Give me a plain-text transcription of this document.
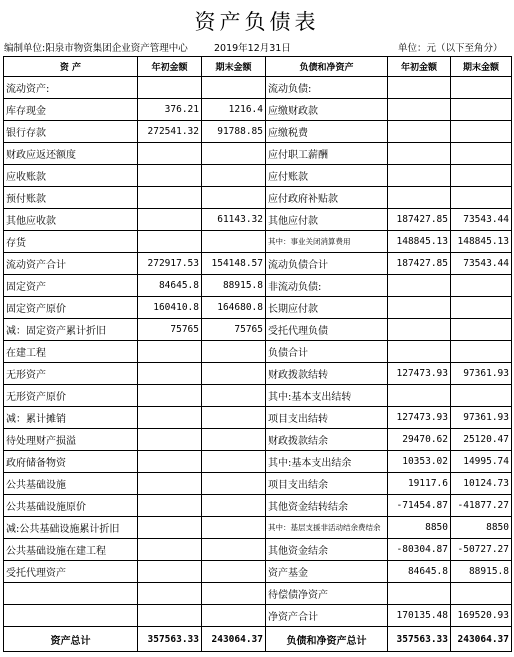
资产负债表
编制单位:阳泉市物资集团企业资产管理中心	2019年12月31日	单位：元（以下至角分）
资 产	年初金额	期末金额	负债和净资产	年初金额	期末金额
流动资产:			流动负债:		
库存现金	376.21	1216.4	应缴财政款		
银行存款	272541.32	91788.85	应缴税费		
财政应返还额度			应付职工薪酬		
应收账款			应付账款		
预付账款			应付政府补贴款		
其他应收款		61143.32	其他应付款	187427.85	73543.44
存货			其中：事业关闭消算费用	148845.13	148845.13
流动资产合计	272917.53	154148.57	流动负债合计	187427.85	73543.44
固定资产	84645.8	88915.8	非流动负债:		
固定资产原价	160410.8	164680.8	长期应付款		
减：固定资产累计折旧	75765	75765	受托代理负债		
在建工程			负债合计		
无形资产			财政拨款结转	127473.93	97361.93
无形资产原价			其中:基本支出结转		
减：累计摊销			项目支出结转	127473.93	97361.93
待处理财产损溢			财政拨款结余	29470.62	25120.47
政府储备物资			其中:基本支出结余	10353.02	14995.74
公共基础设施			项目支出结余	19117.6	10124.73
公共基础设施原价			其他资金结转结余	-71454.87	-41877.27
减:公共基础设施累计折旧			其中：基层支援非活动结余费结余	8850	8850
公共基础设施在建工程			其他资金结余	-80304.87	-50727.27
受托代理资产			资产基金	84645.8	88915.8
			待偿债净资产		
			净资产合计	170135.48	169520.93
资产总计	357563.33	243064.37	负债和净资产总计	357563.33	243064.37
